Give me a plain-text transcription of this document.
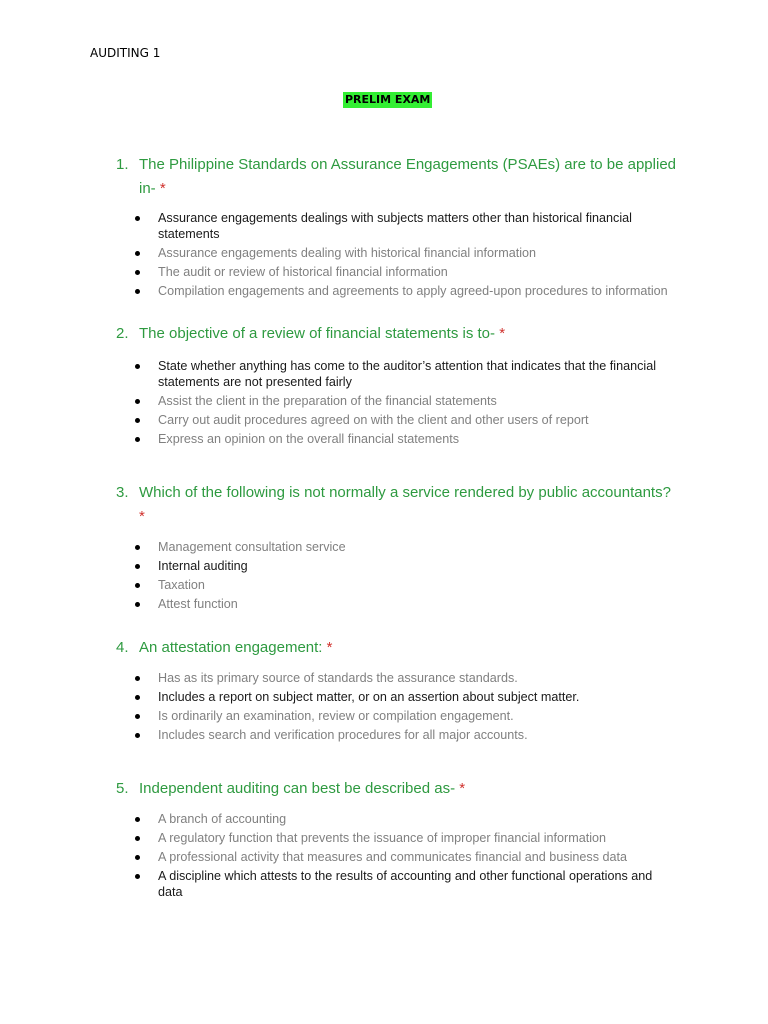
AUDITING 1
PRELIM EXAM
1. The Philippine Standards on Assurance Engagements (PSAEs) are to be applied in- *
Assurance engagements dealings with subjects matters other than historical financial statements
Assurance engagements dealing with historical financial information
The audit or review of historical financial information
Compilation engagements and agreements to apply agreed-upon procedures to information
2. The objective of a review of financial statements is to- *
State whether anything has come to the auditor’s attention that indicates that the financial statements are not presented fairly
Assist the client in the preparation of the financial statements
Carry out audit procedures agreed on with the client and other users of report
Express an opinion on the overall financial statements
3. Which of the following is not normally a service rendered by public accountants? *
Management consultation service
Internal auditing
Taxation
Attest function
4. An attestation engagement: *
Has as its primary source of standards the assurance standards.
Includes a report on subject matter, or on an assertion about subject matter.
Is ordinarily an examination, review or compilation engagement.
Includes search and verification procedures for all major accounts.
5. Independent auditing can best be described as- *
A branch of accounting
A regulatory function that prevents the issuance of improper financial information
A professional activity that measures and communicates financial and business data
A discipline which attests to the results of accounting and other functional operations and data
